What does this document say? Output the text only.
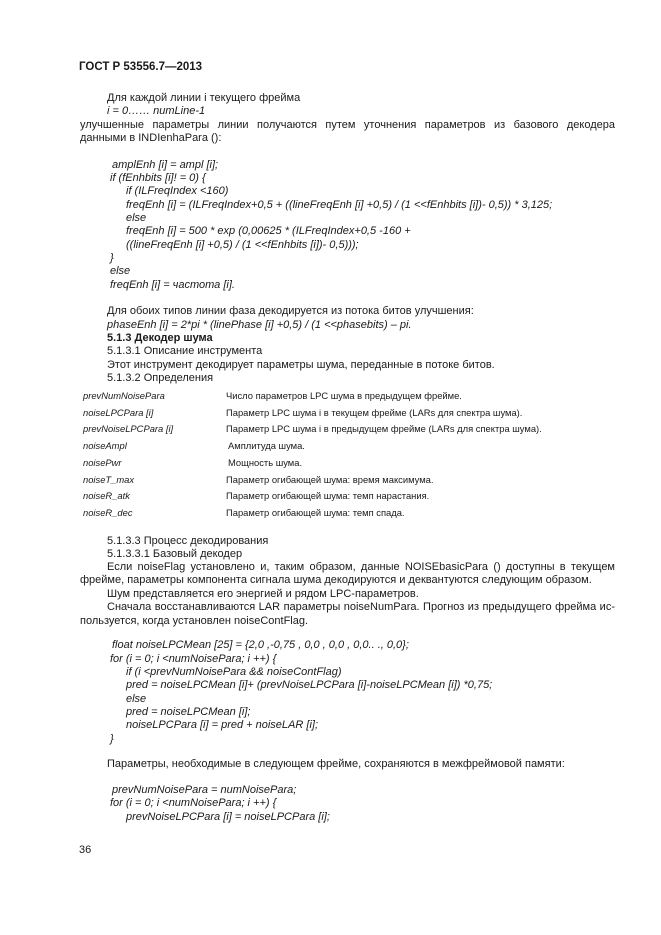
ГОСТ Р 53556.7—2013
Для каждой линии i текущего фрейма
i = 0…… numLine-1
улучшенные параметры линии получаются путем уточнения параметров из базового декодера
данными в INDIenhaPara ():
amplEnh [i] = ampl [i];
if (fEnhbits [i]! = 0) {
if (ILFreqIndex <160)
freqEnh [i] = (ILFreqIndex+0,5 + ((lineFreqEnh [i] +0,5) / (1 <<fEnhbits [i])- 0,5)) * 3,125;
else
freqEnh [i] = 500 * exp (0,00625 * (ILFreqIndex+0,5 -160 +
((lineFreqEnh [i] +0,5) / (1 <<fEnhbits [i])- 0,5)));
}
else
freqEnh [i] = частота [i].
Для обоих типов линии фаза декодируется из потока битов улучшения:
phaseEnh [i] = 2*pi * (linePhase [i] +0,5) / (1 <<phasebits) – pi.
5.1.3 Декодер шума
5.1.3.1 Описание инструмента
Этот инструмент декодирует параметры шума, переданные в потоке битов.
5.1.3.2 Определения
prevNumNoisePara	Число параметров LPC шума в предыдущем фрейме.
noiseLPCPara [i]	Параметр LPC шума i в текущем фрейме (LARs для спектра шума).
prevNoiseLPCPara [i]	Параметр LPC шума i в предыдущем фрейме (LARs для спектра шума).
noiseAmpl	Амплитуда шума.
noisePwr	Мощность шума.
noiseT_max	Параметр огибающей шума: время максимума.
noiseR_atk	Параметр огибающей шума: темп нарастания.
noiseR_dec	Параметр огибающей шума: темп спада.
5.1.3.3 Процесс декодирования
5.1.3.3.1 Базовый декодер
Если noiseFlag установлено и, таким образом, данные NOISEbasicPara () доступны в текущем
фрейме, параметры компонента сигнала шума декодируются и деквантуются следующим образом.
Шум представляется его энергией и рядом LPC-параметров.
Сначала восстанавливаются LAR параметры noiseNumPara. Прогноз из предыдущего фрейма ис-
пользуется, когда установлен noiseContFlag.
float noiseLPCMean [25] = {2,0 ,-0,75 , 0,0 , 0,0 , 0,0.. ., 0,0};
for (i = 0; i <numNoisePara; i ++) {
if (i <prevNumNoisePara && noiseContFlag)
pred = noiseLPCMean [i]+ (prevNoiseLPCPara [i]-noiseLPCMean [i]) *0,75;
else
pred = noiseLPCMean [i];
noiseLPCPara [i] = pred + noiseLAR [i];
}
Параметры, необходимые в следующем фрейме, сохраняются в межфреймовой памяти:
prevNumNoisePara = numNoisePara;
for (i = 0; i <numNoisePara; i ++) {
prevNoiseLPCPara [i] = noiseLPCPara [i];
36
